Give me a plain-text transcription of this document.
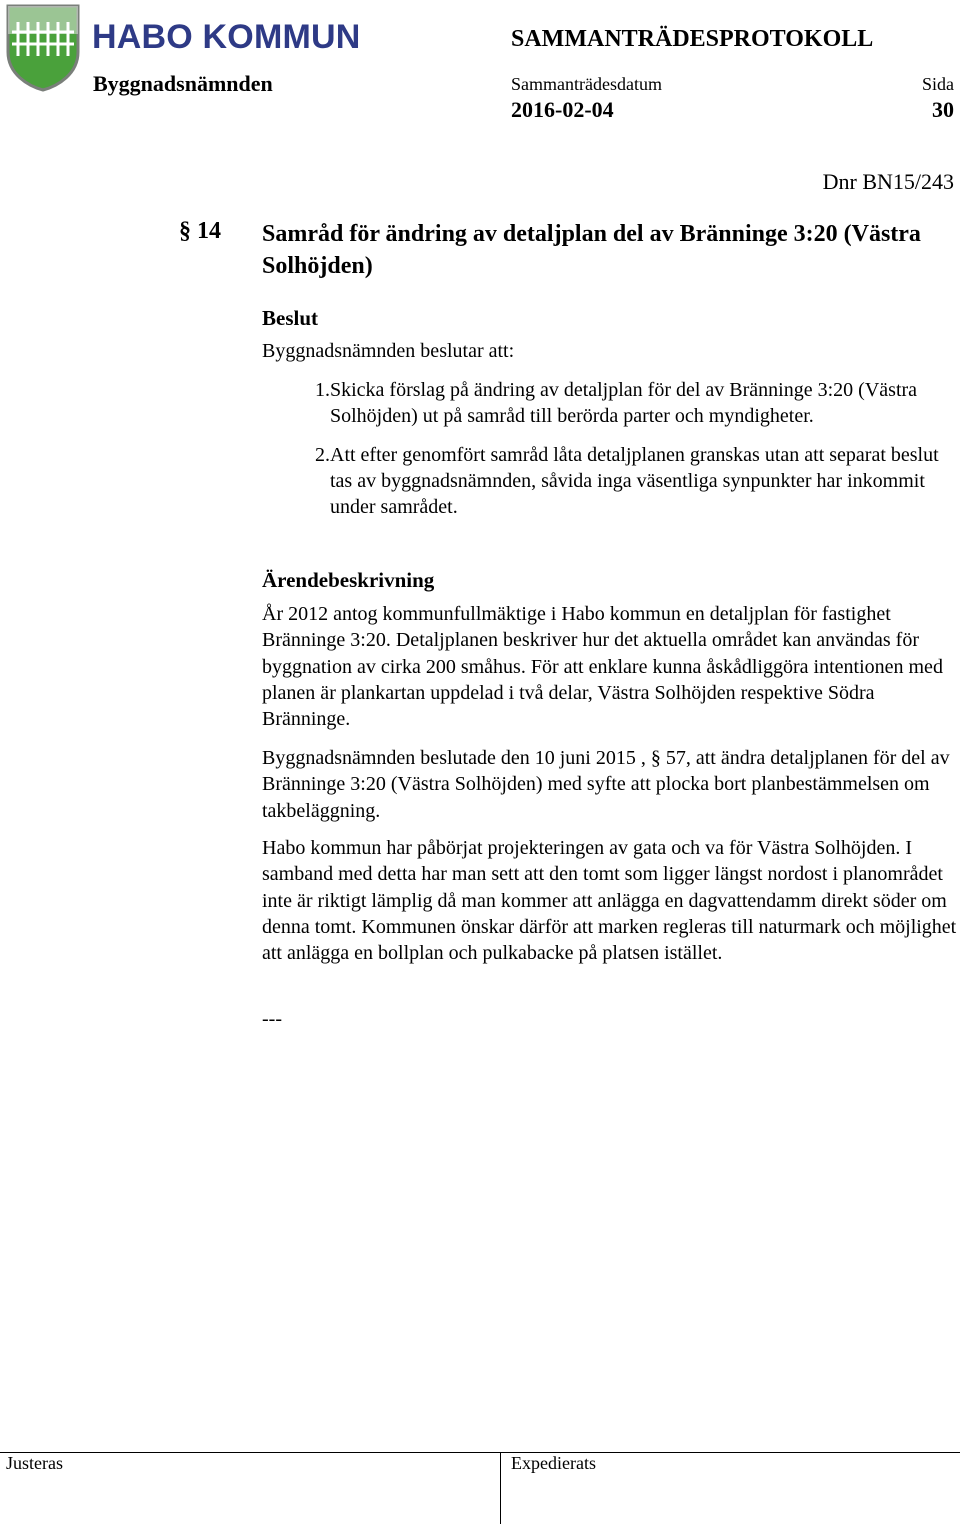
HABO KOMMUN	SAMMANTRÄDESPROTOKOLL
Byggnadsnämnden	Sammanträdesdatum	Sida
2016-02-04	30
Dnr BN15/243
§ 14 Samråd för ändring av detaljplan del av Bränninge 3:20 (Västra Solhöjden)
Beslut
Byggnadsnämnden beslutar att:
1. Skicka förslag på ändring av detaljplan för del av Bränninge 3:20 (Västra Solhöjden) ut på samråd till berörda parter och myndigheter.
2. Att efter genomfört samråd låta detaljplanen granskas utan att separat beslut tas av byggnadsnämnden, såvida inga väsentliga synpunkter har inkommit under samrådet.
Ärendebeskrivning
År 2012 antog kommunfullmäktige i Habo kommun en detaljplan för fastighet Bränninge 3:20. Detaljplanen beskriver hur det aktuella området kan användas för byggnation av cirka 200 småhus. För att enklare kunna åskådliggöra intentionen med planen är plankartan uppdelad i två delar, Västra Solhöjden respektive Södra Bränninge.
Byggnadsnämnden beslutade den 10 juni 2015 , § 57, att ändra detaljplanen för del av Bränninge 3:20 (Västra Solhöjden) med syfte att plocka bort planbestämmelsen om takbeläggning.
Habo kommun har påbörjat projekteringen av gata och va för Västra Solhöjden. I samband med detta har man sett att den tomt som ligger längst nordost i planområdet inte är riktigt lämplig då man kommer att anlägga en dagvattendamm direkt söder om denna tomt. Kommunen önskar därför att marken regleras till naturmark och möjlighet att anlägga en bollplan och pulkabacke på platsen istället.
---
Justeras	Expedierats
